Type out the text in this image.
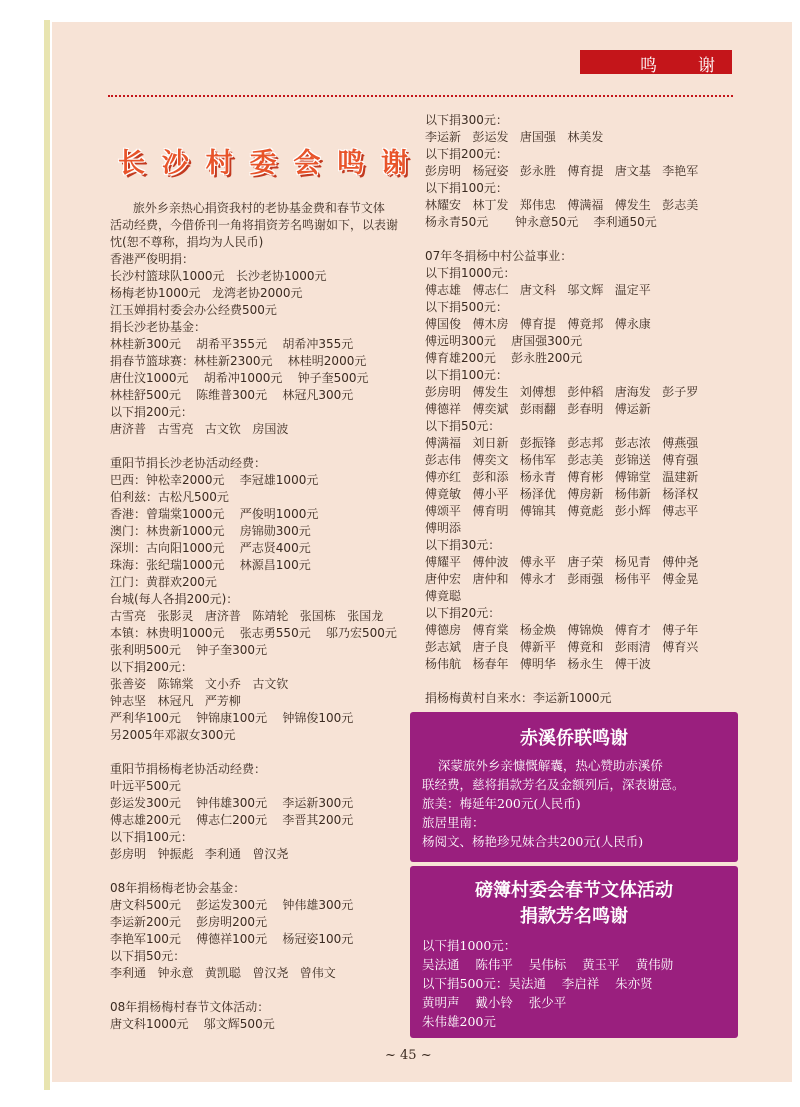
鸣 谢
长 沙 村 委 会 鸣 谢
旅外乡亲热心捐资我村的老协基金费和春节文体
活动经费，今借侨刊一角将捐资芳名鸣谢如下，以表谢
忱(恕不尊称，捐均为人民币)
香港严俊明捐：
长沙村篮球队1000元   长沙老协1000元
杨梅老协1000元   龙湾老协2000元
江玉婵捐村委会办公经费500元
捐长沙老协基金：
林桂新300元    胡希平355元    胡希冲355元
捐春节篮球赛：林桂新2300元    林桂明2000元
唐仕汶1000元    胡希冲1000元    钟子奎500元
林桂舒500元    陈维普300元    林冠凡300元
以下捐200元：
唐济普   古雪亮   古文钦   房国波
重阳节捐长沙老协活动经费：
巴西：钟松幸2000元    李冠雄1000元
伯利兹：古松凡500元
香港：曾瑞棠1000元    严俊明1000元
澳门：林贵新1000元    房锦勋300元
深圳：古向阳1000元    严志贤400元
珠海：张纪瑞1000元    林源昌100元
江门：黄群欢200元
台城(每人各捐200元)：
古雪亮   张影灵   唐济普   陈靖轮   张国栋   张国龙
本镇：林贵明1000元    张志勇550元    邬乃宏500元
张利明500元    钟子奎300元
以下捐200元：
张善姿   陈锦棠   文小乔   古文钦
钟志坚   林冠凡   严芳柳
严利华100元    钟锦康100元    钟锦俊100元
另2005年邓淑女300元
重阳节捐杨梅老协活动经费：
叶远平500元
彭运发300元    钟伟雄300元    李运新300元
傅志雄200元    傅志仁200元    李晋其200元
以下捐100元：
彭房明   钟振彪   李利通   曾汉尧
08年捐杨梅老协会基金：
唐文科500元    彭运发300元    钟伟雄300元
李运新200元    彭房明200元
李艳军100元    傅德祥100元    杨冠姿100元
以下捐50元：
李利通   钟永意   黄凯聪   曾汉尧   曾伟文
08年捐杨梅村春节文体活动：
唐文科1000元    邬文辉500元
以下捐300元：
李运新   彭运发   唐国强   林美发
以下捐200元：
彭房明   杨冠姿   彭永胜   傅育提   唐文基   李艳军
以下捐100元：
林耀安   林丁发   郑伟忠   傅满福   傅发生   彭志美
杨永青50元       钟永意50元    李利通50元
07年冬捐杨中村公益事业：
以下捐1000元：
傅志雄   傅志仁   唐文科   邬文辉   温定平
以下捐500元：
傅国俊   傅木房   傅育提   傅竟邦   傅永康
傅远明300元    唐国强300元
傅育雄200元    彭永胜200元
以下捐100元：
彭房明   傅发生   刘傅想   彭仲稻   唐海发   彭子罗
傅德祥   傅奕斌   彭雨翻   彭春明   傅运新
以下捐50元：
傅满福   刘日新   彭振锋   彭志邦   彭志浓   傅燕强
彭志伟   傅奕文   杨伟军   彭志美   彭锦送   傅育强
傅亦红   彭和添   杨永青   傅育彬   傅锦堂   温建新
傅竟敏   傅小平   杨泽优   傅房新   杨伟新   杨泽权
傅颂平   傅育明   傅锦其   傅竟彪   彭小辉   傅志平
傅明添
以下捐30元：
傅耀平   傅仲波   傅永平   唐子荣   杨见青   傅仲尧
唐仲宏   唐仲和   傅永才   彭雨强   杨伟平   傅金晃
傅竟聪
以下捐20元：
傅德房   傅育棠   杨金焕   傅锦焕   傅育才   傅子年
彭志斌   唐子良   傅新平   傅竟和   彭雨清   傅育兴
杨伟航   杨春年   傅明华   杨永生   傅干波
捐杨梅黄村自来水：李运新1000元
赤溪侨联鸣谢
深蒙旅外乡亲慷慨解囊，热心赞助赤溪侨
联经费，慈将捐款芳名及金额列后，深表谢意。
旅美：梅延年200元(人民币)
旅居里南：
杨阅文、杨艳珍兄妹合共200元(人民币)
磅簿村委会春节文体活动
捐款芳名鸣谢
以下捐1000元：
吴法通    陈伟平    吴伟标    黄玉平    黄伟勋
以下捐500元：吴法通    李启祥    朱亦贤
黄明声    戴小铃    张少平
朱伟雄200元
~ 45 ~
